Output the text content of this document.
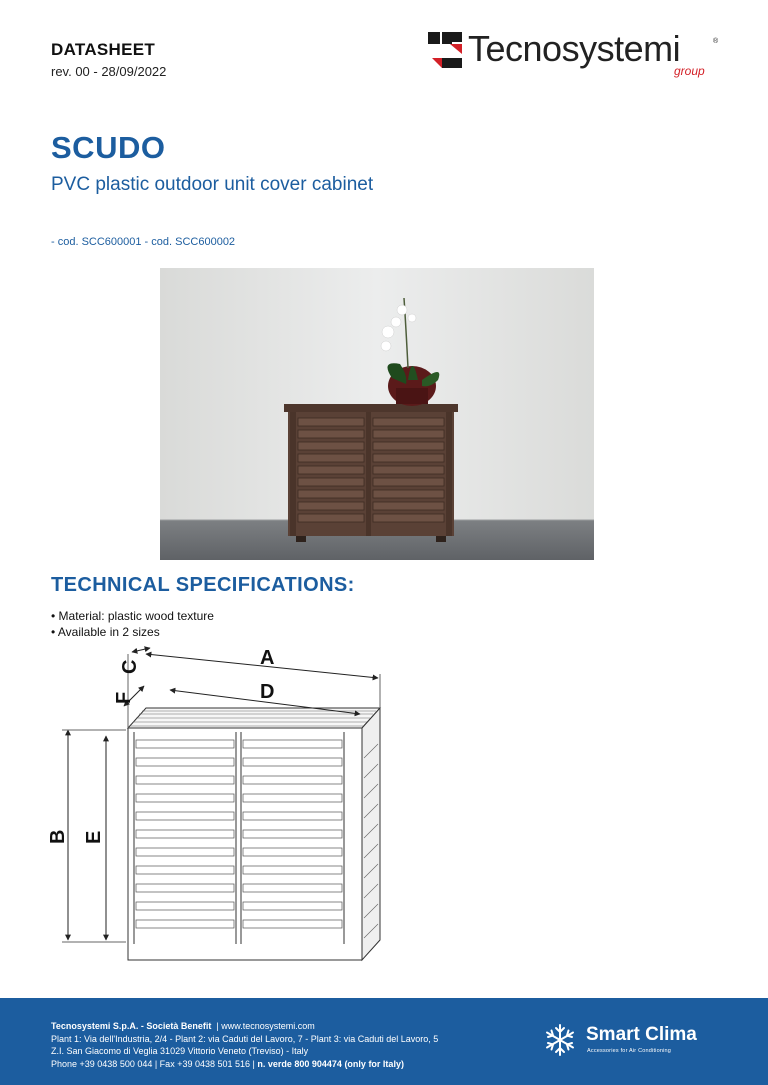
DATASHEET
rev. 00 - 28/09/2022
Tecnosystemi	®
group
SCUDO
PVC plastic outdoor unit cover cabinet
- cod. SCC600001 - cod. SCC600002
TECHNICAL SPECIFICATIONS:
• Material: plastic wood texture
• Available in 2 sizes
A
D
C
F
B E
Tecnosystemi S.p.A. - Società Benefit | www.tecnosystemi.com
Plant 1: Via dell'Industria, 2/4 - Plant 2: via Caduti del Lavoro, 7 - Plant 3: via Caduti del Lavoro, 5
Z.I. San Giacomo di Veglia 31029 Vittorio Veneto (Treviso) - Italy
Phone +39 0438 500 044 | Fax +39 0438 501 516 | n. verde 800 904474 (only for Italy)
Smart Clima
Accessories for Air Conditioning
